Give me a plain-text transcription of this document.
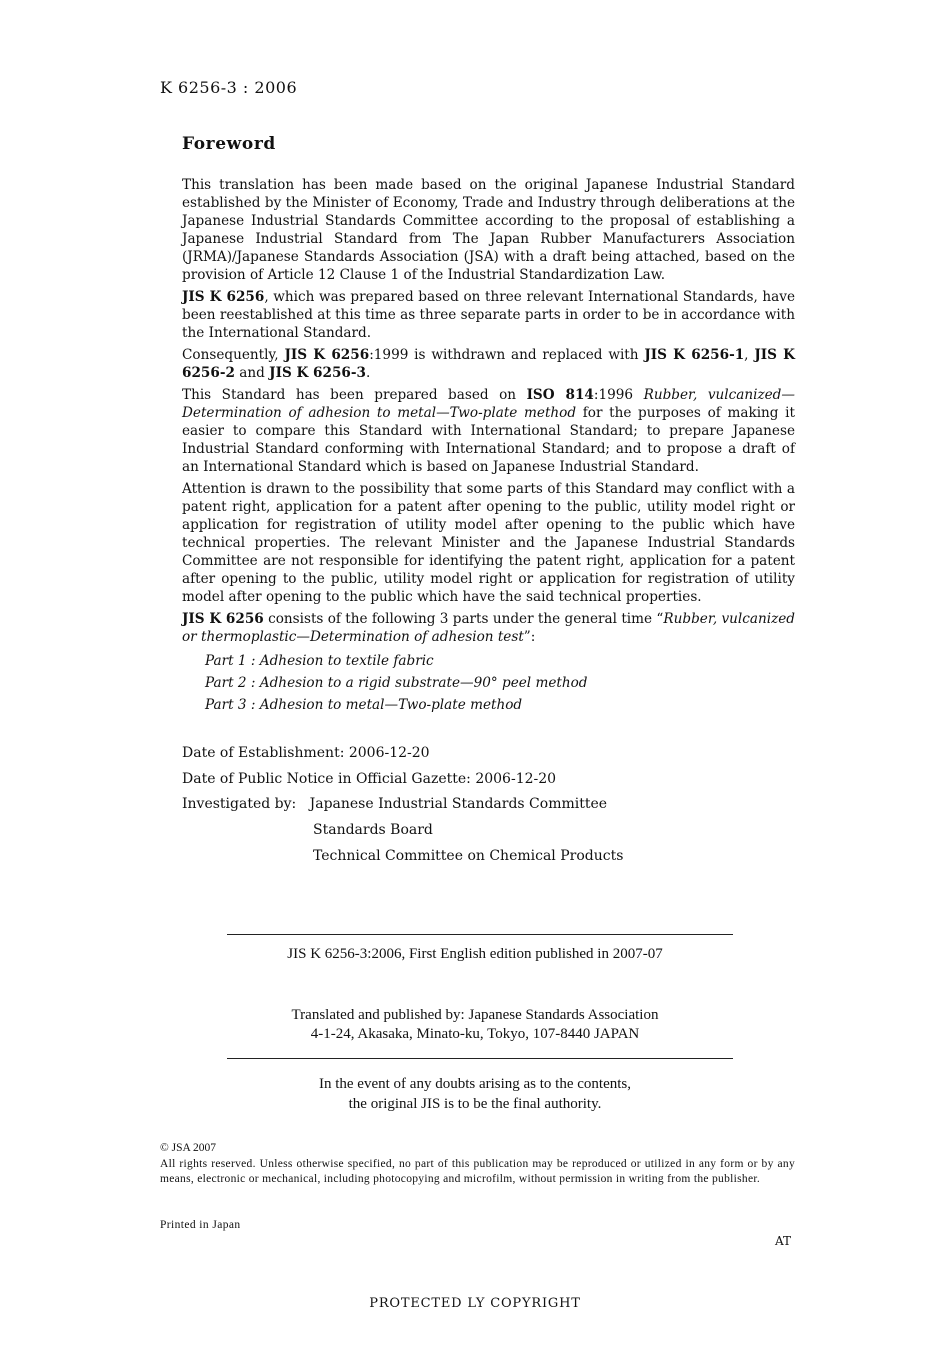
K 6256-3 : 2006
Foreword

This translation has been made based on the original Japanese Industrial Standard established by the Minister of Economy, Trade and Industry through deliberations at the Japanese Industrial Standards Committee according to the proposal of establishing a Japanese Industrial Standard from The Japan Rubber Manufacturers Association (JRMA)/Japanese Standards Association (JSA) with a draft being attached, based on the provision of Article 12 Clause 1 of the Industrial Standardization Law.

JIS K 6256, which was prepared based on three relevant International Standards, have been reestablished at this time as three separate parts in order to be in accordance with the International Standard.

Consequently, JIS K 6256:1999 is withdrawn and replaced with JIS K 6256-1, JIS K 6256-2 and JIS K 6256-3.

This Standard has been prepared based on ISO 814:1996 Rubber, vulcanized—Determination of adhesion to metal—Two-plate method for the purposes of making it easier to compare this Standard with International Standard; to prepare Japanese Industrial Standard conforming with International Standard; and to propose a draft of an International Standard which is based on Japanese Industrial Standard.

Attention is drawn to the possibility that some parts of this Standard may conflict with a patent right, application for a patent after opening to the public, utility model right or application for registration of utility model after opening to the public which have technical properties. The relevant Minister and the Japanese Industrial Standards Committee are not responsible for identifying the patent right, application for a patent after opening to the public, utility model right or application for registration of utility model after opening to the public which have the said technical properties.

JIS K 6256 consists of the following 3 parts under the general time “Rubber, vulcanized or thermoplastic—Determination of adhesion test”:

Part 1 : Adhesion to textile fabric
Part 2 : Adhesion to a rigid substrate—90° peel method
Part 3 : Adhesion to metal—Two-plate method
Date of Establishment: 2006-12-20
Date of Public Notice in Official Gazette: 2006-12-20
Investigated by: Japanese Industrial Standards Committee
Standards Board
Technical Committee on Chemical Products
JIS K 6256-3:2006, First English edition published in 2007-07
Translated and published by: Japanese Standards Association
4-1-24, Akasaka, Minato-ku, Tokyo, 107-8440 JAPAN
In the event of any doubts arising as to the contents,
the original JIS is to be the final authority.
© JSA 2007
All rights reserved. Unless otherwise specified, no part of this publication may be reproduced or utilized in any form or by any means, electronic or mechanical, including photocopying and microfilm, without permission in writing from the publisher.
Printed in Japan
AT
PROTECTED LY COPYRIGHT
